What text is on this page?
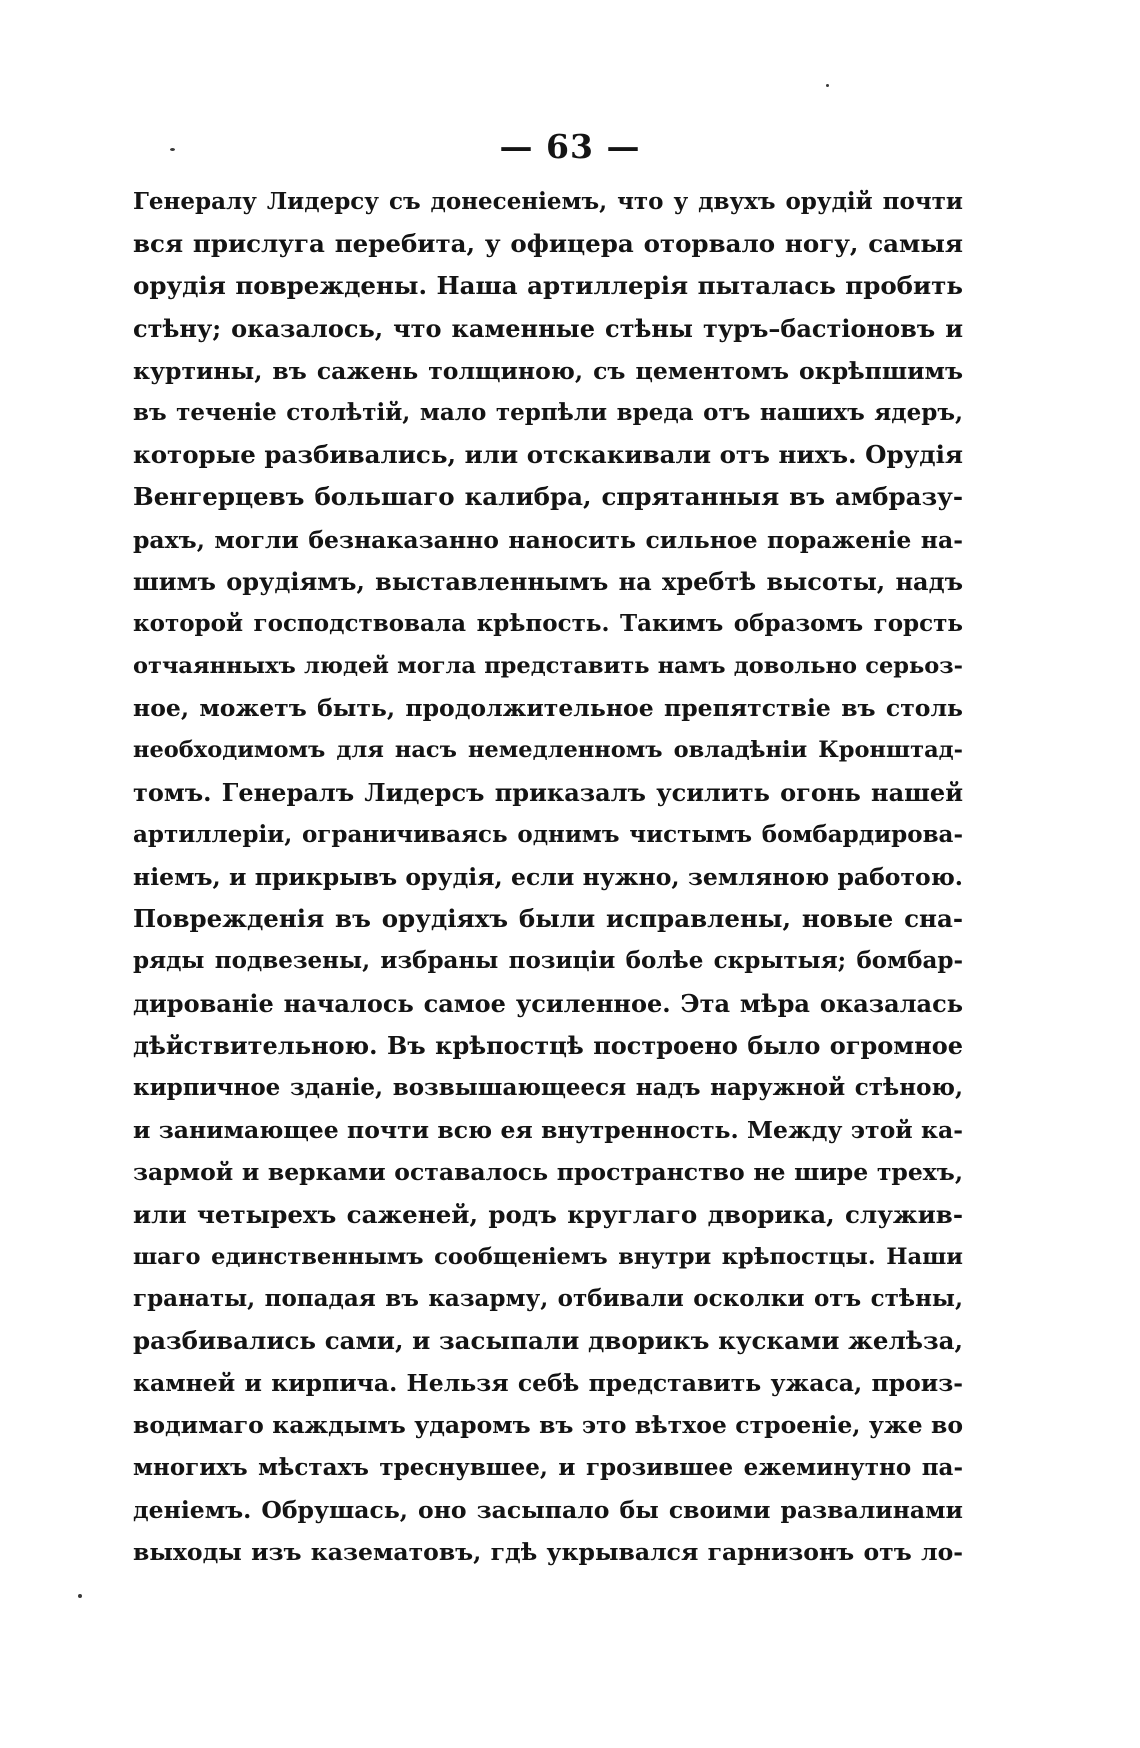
— 63 —
Генералу Лидерсу съ донесеніемъ, что у двухъ орудій почти
вся прислуга перебита, у офицера оторвало ногу, самыя
орудія повреждены. Наша артиллерія пыталась пробить
стѣну; оказалось, что каменные стѣны туръ–бастіоновъ и
куртины, въ сажень толщиною, съ цементомъ окрѣпшимъ
въ теченіе столѣтій, мало терпѣли вреда отъ нашихъ ядеръ,
которые разбивались, или отскакивали отъ нихъ. Орудія
Венгерцевъ большаго калибра, спрятанныя въ амбразу-
рахъ, могли безнаказанно наносить сильное пораженіе на-
шимъ орудіямъ, выставленнымъ на хребтѣ высоты, надъ
которой господствовала крѣпость. Такимъ образомъ горсть
отчаянныхъ людей могла представить намъ довольно серьоз-
ное, можетъ быть, продолжительное препятствіе въ столь
необходимомъ для насъ немедленномъ овладѣніи Кронштад-
томъ. Генералъ Лидерсъ приказалъ усилить огонь нашей
артиллеріи, ограничиваясь однимъ чистымъ бомбардирова-
ніемъ, и прикрывъ орудія, если нужно, земляною работою.
Поврежденія въ орудіяхъ были исправлены, новые сна-
ряды подвезены, избраны позиціи болѣе скрытыя; бомбар-
дированіе началось самое усиленное. Эта мѣра оказалась
дѣйствительною. Въ крѣпостцѣ построено было огромное
кирпичное зданіе, возвышающееся надъ наружной стѣною,
и занимающее почти всю ея внутренность. Между этой ка-
зармой и верками оставалось пространство не шире трехъ,
или четырехъ саженей, родъ круглаго дворика, служив-
шаго единственнымъ сообщеніемъ внутри крѣпостцы. Наши
гранаты, попадая въ казарму, отбивали осколки отъ стѣны,
разбивались сами, и засыпали дворикъ кусками желѣза,
камней и кирпича. Нельзя себѣ представить ужаса, произ-
водимаго каждымъ ударомъ въ это вѣтхое строеніе, уже во
многихъ мѣстахъ треснувшее, и грозившее ежеминутно па-
деніемъ. Обрушась, оно засыпало бы своими развалинами
выходы изъ казематовъ, гдѣ укрывался гарнизонъ отъ ло-
